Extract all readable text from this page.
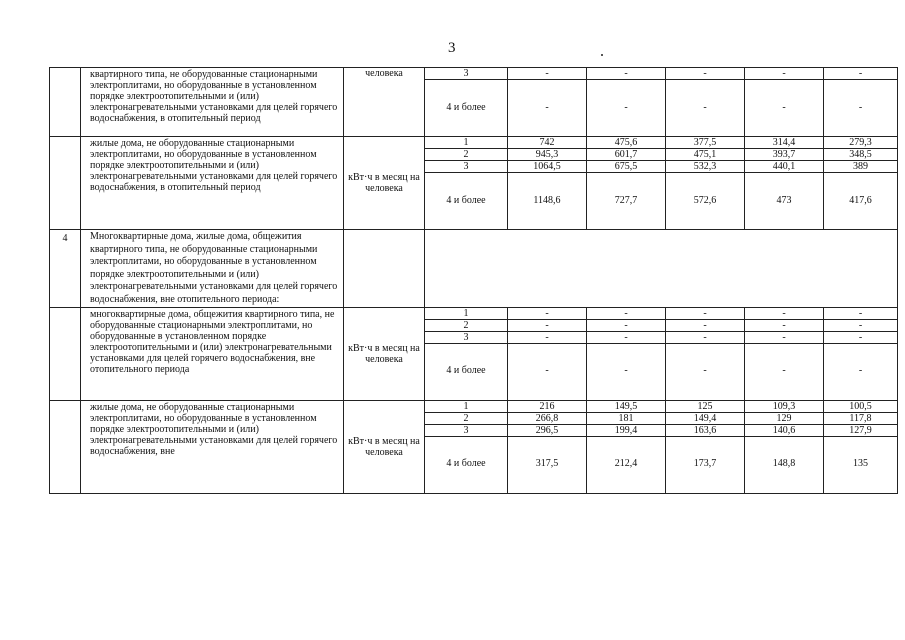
3
	квартирного типа, не оборудованные стационарными электроплитами, но оборудованные в установленном порядке электроотопительными и (или) электронагревательными установками для целей горячего водоснабжения, в отопительный период	человека	3	-	-	-	-	-
			4 и более	-	-	-	-	-
	жилые дома, не оборудованные стационарными электроплитами, но оборудованные в установленном порядке электроотопительными и (или) электронагревательными установками для целей горячего водоснабжения, в отопительный период	кВт·ч в месяц на человека	1	742	475,6	377,5	314,4	279,3
			2	945,3	601,7	475,1	393,7	348,5
			3	1064,5	675,5	532,3	440,1	389
			4 и более	1148,6	727,7	572,6	473	417,6
4	Многоквартирные дома, жилые дома, общежития квартирного типа, не оборудованные стационарными электроплитами, но оборудованные в установленном порядке электроотопительными и (или) электронагревательными установками для целей горячего водоснабжения, вне отопительного периода:							
	многоквартирные дома, общежития квартирного типа, не оборудованные стационарными электроплитами, но оборудованные в установленном порядке электроотопительными и (или) электронагревательными установками для целей горячего водоснабжения, вне отопительного периода	кВт·ч в месяц на человека	1	-	-	-	-	-
			2	-	-	-	-	-
			3	-	-	-	-	-
			4 и более	-	-	-	-	-
	жилые дома, не оборудованные стационарными электроплитами, но оборудованные в установленном порядке электроотопительными и (или) электронагревательными установками для целей горячего водоснабжения, вне	кВт·ч в месяц на человека	1	216	149,5	125	109,3	100,5
			2	266,8	181	149,4	129	117,8
			3	296,5	199,4	163,6	140,6	127,9
			4 и более	317,5	212,4	173,7	148,8	135
